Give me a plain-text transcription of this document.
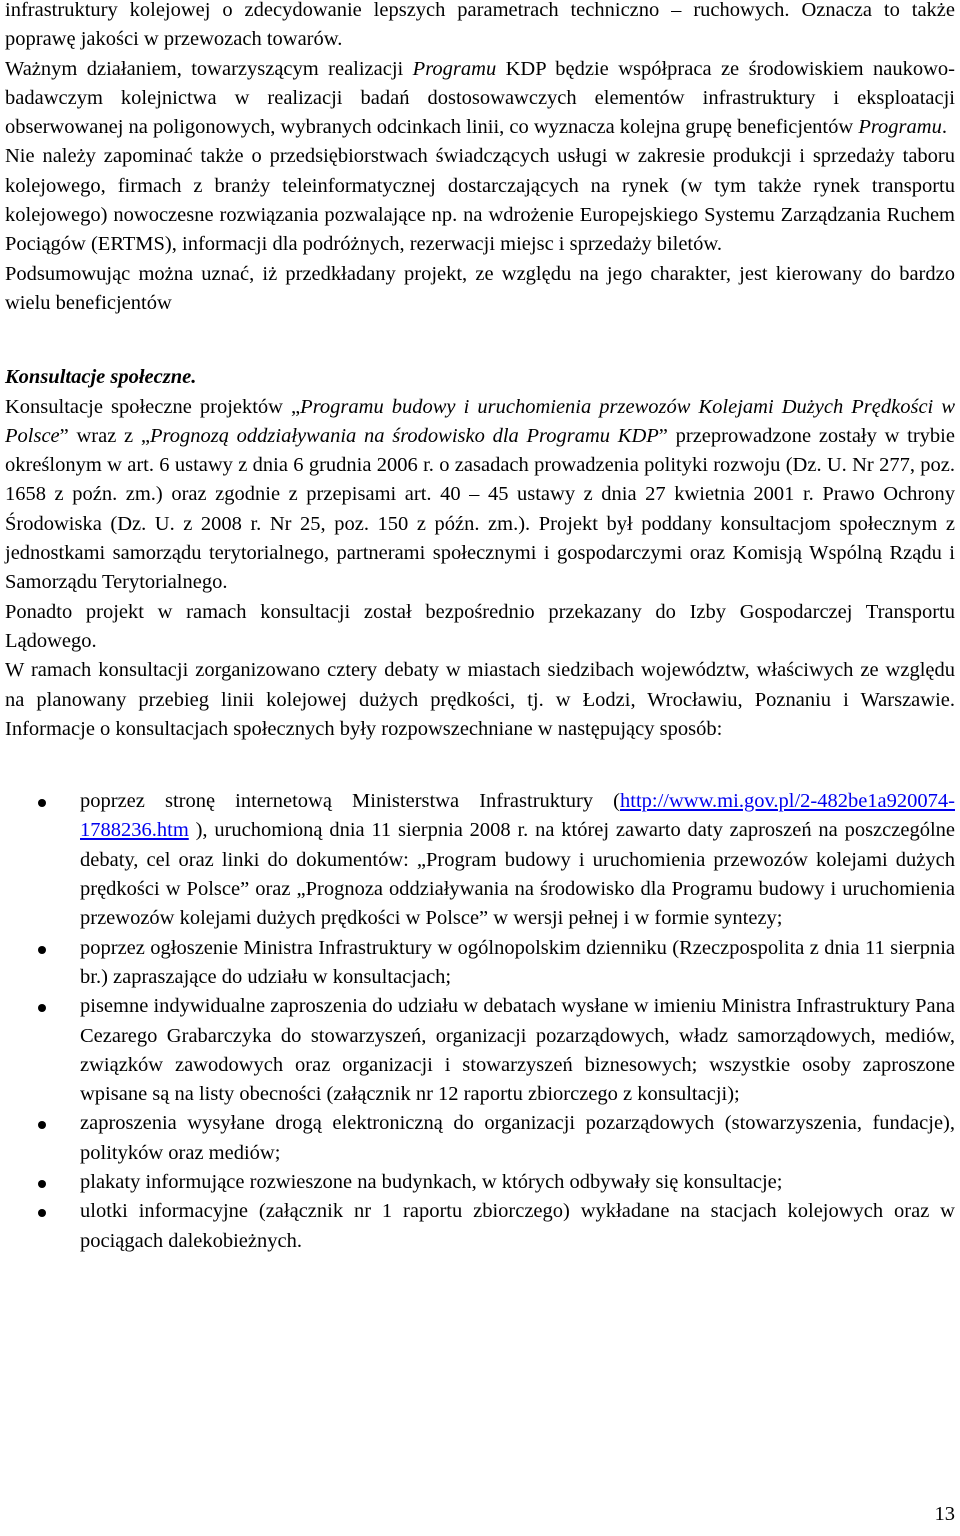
infrastruktury kolejowej o zdecydowanie lepszych parametrach techniczno – ruchowych. Oznacza to także poprawę jakości w przewozach towarów.

Ważnym działaniem, towarzyszącym realizacji Programu KDP będzie współpraca ze środowiskiem naukowo-badawczym kolejnictwa w realizacji badań dostosowawczych elementów infrastruktury i eksploatacji obserwowanej na poligonowych, wybranych odcinkach linii, co wyznacza kolejna grupę beneficjentów Programu.

Nie należy zapominać także o przedsiębiorstwach świadczących usługi w zakresie produkcji i sprzedaży taboru kolejowego, firmach z branży teleinformatycznej dostarczających na rynek (w tym także rynek transportu kolejowego) nowoczesne rozwiązania pozwalające np. na wdrożenie Europejskiego Systemu Zarządzania Ruchem Pociągów (ERTMS), informacji dla podróżnych, rezerwacji miejsc i sprzedaży biletów.

Podsumowując można uznać, iż przedkładany projekt, ze względu na jego charakter, jest kierowany do bardzo wielu beneficjentów

Konsultacje społeczne.

Konsultacje społeczne projektów „Programu budowy i uruchomienia przewozów Kolejami Dużych Prędkości w Polsce” wraz z „Prognozą oddziaływania na środowisko dla Programu KDP” przeprowadzone zostały w trybie określonym w art. 6 ustawy z dnia 6 grudnia 2006 r. o zasadach prowadzenia polityki rozwoju (Dz. U. Nr 277, poz. 1658 z poźn. zm.) oraz zgodnie z przepisami art. 40 – 45 ustawy z dnia 27 kwietnia 2001 r. Prawo Ochrony Środowiska (Dz. U. z 2008 r. Nr 25, poz. 150 z późn. zm.). Projekt był poddany konsultacjom społecznym z jednostkami samorządu terytorialnego, partnerami społecznymi i gospodarczymi oraz Komisją Wspólną Rządu i Samorządu Terytorialnego.

Ponadto projekt w ramach konsultacji został bezpośrednio przekazany do Izby Gospodarczej Transportu Lądowego.

W ramach konsultacji zorganizowano cztery debaty w miastach siedzibach województw, właściwych ze względu na planowany przebieg linii kolejowej dużych prędkości, tj. w Łodzi, Wrocławiu, Poznaniu i Warszawie. Informacje o konsultacjach społecznych były rozpowszechniane w następujący sposób:

poprzez stronę internetową Ministerstwa Infrastruktury (http://www.mi.gov.pl/2-482be1a920074-1788236.htm ), uruchomioną dnia 11 sierpnia 2008 r. na której zawarto daty zaproszeń na poszczególne debaty, cel oraz linki do dokumentów: „Program budowy i uruchomienia przewozów kolejami dużych prędkości w Polsce” oraz „Prognoza oddziaływania na środowisko dla Programu budowy i uruchomienia przewozów kolejami dużych prędkości w Polsce” w wersji pełnej i w formie syntezy;
poprzez ogłoszenie Ministra Infrastruktury w ogólnopolskim dzienniku (Rzeczpospolita z dnia 11 sierpnia br.) zapraszające do udziału w konsultacjach;
pisemne indywidualne zaproszenia do udziału w debatach wysłane w imieniu Ministra Infrastruktury Pana Cezarego Grabarczyka do stowarzyszeń, organizacji pozarządowych, władz samorządowych, mediów, związków zawodowych oraz organizacji i stowarzyszeń biznesowych; wszystkie osoby zaproszone wpisane są na listy obecności (załącznik nr 12 raportu zbiorczego z konsultacji);
zaproszenia wysyłane drogą elektroniczną do organizacji pozarządowych (stowarzyszenia, fundacje), polityków oraz mediów;
plakaty informujące rozwieszone na budynkach, w których odbywały się konsultacje;
ulotki informacyjne (załącznik nr 1 raportu zbiorczego) wykładane na stacjach kolejowych oraz w pociągach dalekobieżnych.
13
